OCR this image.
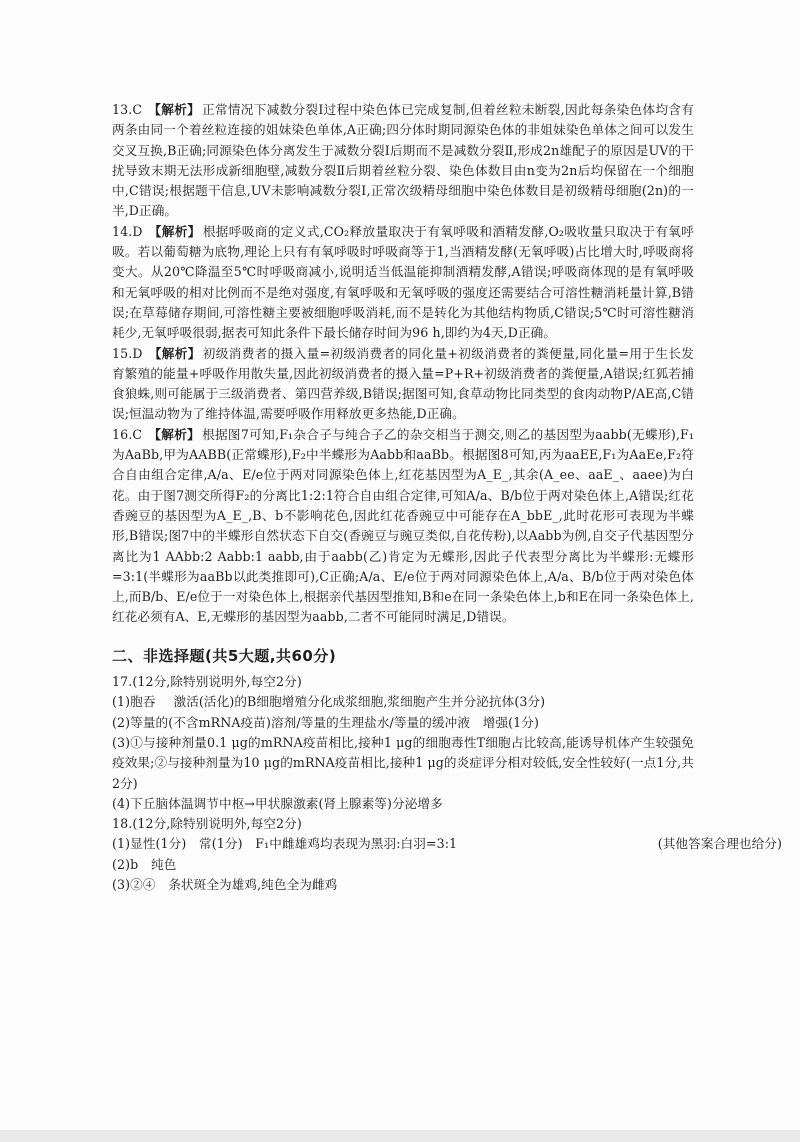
13.C 【解析】 正常情况下减数分裂Ⅰ过程中染色体已完成复制,但着丝粒未断裂,因此每条染色体均含有两条由同一个着丝粒连接的姐妹染色单体,A正确;四分体时期同源染色体的非姐妹染色单体之间可以发生交叉互换,B正确;同源染色体分离发生于减数分裂Ⅰ后期而不是减数分裂Ⅱ,形成2n雄配子的原因是UV的干扰导致末期无法形成新细胞壁,减数分裂Ⅱ后期着丝粒分裂、染色体数目由n变为2n后均保留在一个细胞中,C错误;根据题干信息,UV未影响减数分裂Ⅰ,正常次级精母细胞中染色体数目是初级精母细胞(2n)的一半,D正确。

14.D 【解析】 根据呼吸商的定义式,CO₂释放量取决于有氧呼吸和酒精发酵,O₂吸收量只取决于有氧呼吸。若以葡萄糖为底物,理论上只有有氧呼吸时呼吸商等于1,当酒精发酵(无氧呼吸)占比增大时,呼吸商将变大。从20℃降温至5℃时呼吸商减小,说明适当低温能抑制酒精发酵,A错误;呼吸商体现的是有氧呼吸和无氧呼吸的相对比例而不是绝对强度,有氧呼吸和无氧呼吸的强度还需要结合可溶性糖消耗量计算,B错误;在草莓储存期间,可溶性糖主要被细胞呼吸消耗,而不是转化为其他结构物质,C错误;5℃时可溶性糖消耗少,无氧呼吸很弱,据表可知此条件下最长储存时间为96 h,即约为4天,D正确。

15.D 【解析】 初级消费者的摄入量=初级消费者的同化量+初级消费者的粪便量,同化量=用于生长发育繁殖的能量+呼吸作用散失量,因此初级消费者的摄入量=P+R+初级消费者的粪便量,A错误;红狐若捕食狼蛛,则可能属于三级消费者、第四营养级,B错误;据图可知,食草动物比同类型的食肉动物P/AE高,C错误;恒温动物为了维持体温,需要呼吸作用释放更多热能,D正确。

16.C 【解析】 根据图7可知,F₁杂合子与纯合子乙的杂交相当于测交,则乙的基因型为aabb(无蝶形),F₁为AaBb,甲为AABB(正常蝶形),F₂中半蝶形为Aabb和aaBb。根据图8可知,丙为aaEE,F₁为AaEe,F₂符合自由组合定律,A/a、E/e位于两对同源染色体上,红花基因型为A_E_,其余(A_ee、aaE_、aaee)为白花。由于图7测交所得F₂的分离比1:2:1符合自由组合定律,可知A/a、B/b位于两对染色体上,A错误;红花香豌豆的基因型为A_E_,B、b不影响花色,因此红花香豌豆中可能存在A_bbE_,此时花形可表现为半蝶形,B错误;图7中的半蝶形自然状态下自交(香豌豆与豌豆类似,自花传粉),以Aabb为例,自交子代基因型分离比为1 AAbb:2 Aabb:1 aabb,由于aabb(乙)肯定为无蝶形,因此子代表型分离比为半蝶形:无蝶形=3:1(半蝶形为aaBb以此类推即可),C正确;A/a、E/e位于两对同源染色体上,A/a、B/b位于两对染色体上,而B/b、E/e位于一对染色体上,根据亲代基因型推知,B和e在同一条染色体上,b和E在同一条染色体上,红花必须有A、E,无蝶形的基因型为aabb,二者不可能同时满足,D错误。

二、非选择题(共5大题,共60分)

17.(12分,除特别说明外,每空2分)

(1)胞吞 激活(活化)的B细胞增殖分化成浆细胞,浆细胞产生并分泌抗体(3分)

(2)等量的(不含mRNA疫苗)溶剂/等量的生理盐水/等量的缓冲液　增强(1分)

(3)①与接种剂量0.1 μg的mRNA疫苗相比,接种1 μg的细胞毒性T细胞占比较高,能诱导机体产生较强免疫效果;②与接种剂量为10 μg的mRNA疫苗相比,接种1 μg的炎症评分相对较低,安全性较好(一点1分,共2分)

(4)下丘脑体温调节中枢→甲状腺激素(肾上腺素等)分泌增多

18.(12分,除特别说明外,每空2分)

(1)显性(1分)　常(1分)　F₁中雌雄鸡均表现为黑羽:白羽=3:1	(其他答案合理也给分)

(2)b　纯色

(3)②④　条状斑全为雄鸡,纯色全为雌鸡
